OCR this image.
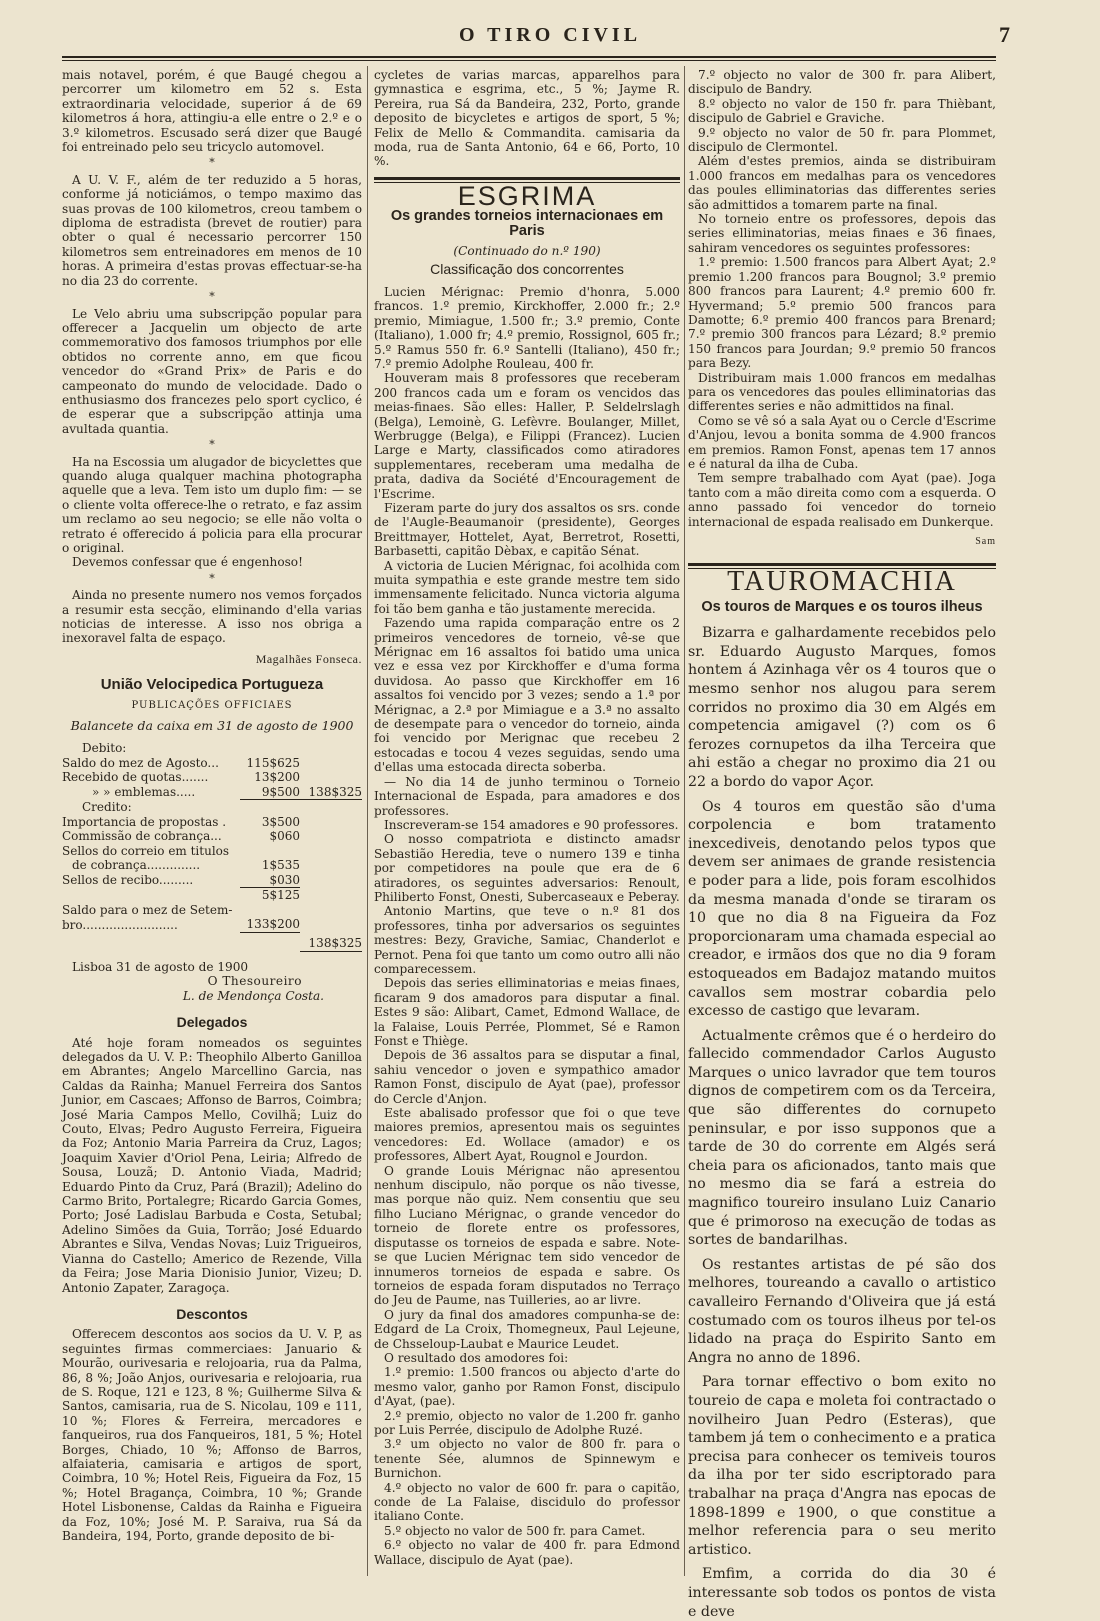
O TIRO CIVIL	7

mais notavel, porém, é que Baugé chegou a percorrer um kilometro em 52 s. Esta extraordinaria velocidade, superior á de 69 kilometros á hora, attingiu-a elle entre o 2.º e o 3.º kilometros. Escusado será dizer que Baugé foi entreinado pelo seu tricyclo automovel.

*

A U. V. F., além de ter reduzido a 5 horas, conforme já noticiámos, o tempo maximo das suas provas de 100 kilometros, creou tambem o diploma de estradista (brevet de routier) para obter o qual é necessario percorrer 150 kilometros sem entreinadores em menos de 10 horas. A primeira d'estas provas effectuar-se-ha no dia 23 do corrente.

*

Le Velo abriu uma subscripção popular para offerecer a Jacquelin um objecto de arte commemorativo dos famosos triumphos por elle obtidos no corrente anno, em que ficou vencedor do «Grand Prix» de Paris e do campeonato do mundo de velocidade. Dado o enthusiasmo dos francezes pelo sport cyclico, é de esperar que a subscripção attinja uma avultada quantia.

*

Ha na Escossia um alugador de bicyclettes que quando aluga qualquer machina photographa aquelle que a leva. Tem isto um duplo fim: — se o cliente volta offerece-lhe o retrato, e faz assim um reclamo ao seu negocio; se elle não volta o retrato é offerecido á policia para ella procurar o original.

Devemos confessar que é engenhoso!

*

Ainda no presente numero nos vemos forçados a resumir esta secção, eliminando d'ella varias noticias de interesse. A isso nos obriga a inexoravel falta de espaço.

Magalhães Fonseca.
União Velocipedica Portugueza
PUBLICAÇÕES OFFICIAES
Balancete da caixa em 31 de agosto de 1900
Debito:		
Saldo do mez de Agosto...	115$625	
Recebido de quotas.......	13$200	
» » emblemas.....	9$500	138$325
Credito:		
Importancia de propostas .	3$500	
Commissão de cobrança...	$060	
Sellos do correio em titulos		
de cobrança..............	1$535	
Sellos de recibo.........	$030	
	5$125	
Saldo para o mez de Setem-		
bro.........................	133$200	
		138$325

Lisboa 31 de agosto de 1900

O Thesoureiro
L. de Mendonça Costa.
Delegados

Até hoje foram nomeados os seguintes delegados da U. V. P.: Theophilo Alberto Ganilloa em Abrantes; Angelo Marcellino Garcia, nas Caldas da Rainha; Manuel Ferreira dos Santos Junior, em Cascaes; Affonso de Barros, Coimbra; José Maria Campos Mello, Covilhã; Luiz do Couto, Elvas; Pedro Augusto Ferreira, Figueira da Foz; Antonio Maria Parreira da Cruz, Lagos; Joaquim Xavier d'Oriol Pena, Leiria; Alfredo de Sousa, Louzã; D. Antonio Viada, Madrid; Eduardo Pinto da Cruz, Pará (Brazil); Adelino do Carmo Brito, Portalegre; Ricardo Garcia Gomes, Porto; José Ladislau Barbuda e Costa, Setubal; Adelino Simões da Guia, Torrão; José Eduardo Abrantes e Silva, Vendas Novas; Luiz Trigueiros, Vianna do Castello; Americo de Rezende, Villa da Feira; Jose Maria Dionisio Junior, Vizeu; D. Antonio Zapater, Zaragoça.

Descontos

Offerecem descontos aos socios da U. V. P, as seguintes firmas commerciaes: Januario & Mourão, ourivesaria e relojoaria, rua da Palma, 86, 8 %; João Anjos, ourivesaria e relojoaria, rua de S. Roque, 121 e 123, 8 %; Guilherme Silva & Santos, camisaria, rua de S. Nicolau, 109 e 111, 10 %; Flores & Ferreira, mercadores e fanqueiros, rua dos Fanqueiros, 181, 5 %; Hotel Borges, Chiado, 10 %; Affonso de Barros, alfaiateria, camisaria e artigos de sport, Coimbra, 10 %; Hotel Reis, Figueira da Foz, 15 %; Hotel Bragança, Coimbra, 10 %; Grande Hotel Lisbonense, Caldas da Rainha e Figueira da Foz, 10%; José M. P. Saraiva, rua Sá da Bandeira, 194, Porto, grande deposito de bi-

cycletes de varias marcas, apparelhos para gymnastica e esgrima, etc., 5 %; Jayme R. Pereira, rua Sá da Bandeira, 232, Porto, grande deposito de bicycletes e artigos de sport, 5 %; Felix de Mello & Commandita. camisaria da moda, rua de Santa Antonio, 64 e 66, Porto, 10 %.

ESGRIMA
Os grandes torneios internacionaes em Paris
(Continuado do n.º 190)
Classificação dos concorrentes

Lucien Mérignac: Premio d'honra, 5.000 francos. 1.º premio, Kirckhoffer, 2.000 fr.; 2.º premio, Mimiague, 1.500 fr.; 3.º premio, Conte (Italiano), 1.000 fr; 4.º premio, Rossignol, 605 fr.; 5.º Ramus 550 fr. 6.º Santelli (Italiano), 450 fr.; 7.º premio Adolphe Rouleau, 400 fr.

Houveram mais 8 professores que receberam 200 francos cada um e foram os vencidos das meias-finaes. São elles: Haller, P. Seldelrslagh (Belga), Lemoinè, G. Lefèvre. Boulanger, Millet, Werbrugge (Belga), e Filippi (Francez). Lucien Large e Marty, classificados como atiradores supplementares, receberam uma medalha de prata, dadiva da Société d'Encouragement de l'Escrime.

Fizeram parte do jury dos assaltos os srs. conde de l'Augle-Beaumanoir (presidente), Georges Breittmayer, Hottelet, Ayat, Berretrot, Rosetti, Barbasetti, capitão Dèbax, e capitão Sénat.

A victoria de Lucien Mérignac, foi acolhida com muita sympathia e este grande mestre tem sido immensamente felicitado. Nunca victoria alguma foi tão bem ganha e tão justamente merecida.

Fazendo uma rapida comparação entre os 2 primeiros vencedores de torneio, vê-se que Mérignac em 16 assaltos foi batido uma unica vez e essa vez por Kirckhoffer e d'uma forma duvidosa. Ao passo que Kirckhoffer em 16 assaltos foi vencido por 3 vezes; sendo a 1.ª por Mérignac, a 2.ª por Mimiague e a 3.ª no assalto de desempate para o vencedor do torneio, ainda foi vencido por Merignac que recebeu 2 estocadas e tocou 4 vezes seguidas, sendo uma d'ellas uma estocada directa soberba.

— No dia 14 de junho terminou o Torneio Internacional de Espada, para amadores e dos professores.

Inscreveram-se 154 amadores e 90 professores.

O nosso compatriota e distincto amadsr Sebastião Heredia, teve o numero 139 e tinha por competidores na poule que era de 6 atiradores, os seguintes adversarios: Renoult, Philiberto Fonst, Onesti, Subercaseaux e Peberay.

Antonio Martins, que teve o n.º 81 dos professores, tinha por adversarios os seguintes mestres: Bezy, Graviche, Samiac, Chanderlot e Pernot. Pena foi que tanto um como outro alli não comparecessem.

Depois das series elliminatorias e meias finaes, ficaram 9 dos amadoros para disputar a final. Estes 9 são: Alibart, Camet, Edmond Wallace, de la Falaise, Louis Perrée, Plommet, Sé e Ramon Fonst e Thiège.

Depois de 36 assaltos para se disputar a final, sahiu vencedor o joven e sympathico amador Ramon Fonst, discipulo de Ayat (pae), professor do Cercle d'Anjon.

Este abalisado professor que foi o que teve maiores premios, apresentou mais os seguintes vencedores: Ed. Wollace (amador) e os professores, Albert Ayat, Rougnol e Jourdon.

O grande Louis Mérignac não apresentou nenhum discipulo, não porque os não tivesse, mas porque não quiz. Nem consentiu que seu filho Luciano Mérignac, o grande vencedor do torneio de florete entre os professores, disputasse os torneios de espada e sabre. Note-se que Lucien Mérignac tem sido vencedor de innumeros torneios de espada e sabre. Os torneios de espada foram disputados no Terraço do Jeu de Paume, nas Tuilleries, ao ar livre.

O jury da final dos amadores compunha-se de: Edgard de La Croix, Thomegneux, Paul Lejeune, de Chsseloup-Laubat e Maurice Leudet.

O resultado dos amodores foi:

1.º premio: 1.500 francos ou abjecto d'arte do mesmo valor, ganho por Ramon Fonst, discipulo d'Ayat, (pae).

2.º premio, objecto no valor de 1.200 fr. ganho por Luis Perrée, discipulo de Adolphe Ruzé.

3.º um objecto no valor de 800 fr. para o tenente Sée, alumnos de Spinnewym e Burnichon.

4.º objecto no valor de 600 fr. para o capitão, conde de La Falaise, discidulo do professor italiano Conte.

5.º objecto no valor de 500 fr. para Camet.

6.º objecto no valar de 400 fr. para Edmond Wallace, discipulo de Ayat (pae).

7.º objecto no valor de 300 fr. para Alibert, discipulo de Bandry.

8.º objecto no valor de 150 fr. para Thièbant, discipulo de Gabriel e Graviche.

9.º objecto no valor de 50 fr. para Plommet, discipulo de Clermontel.

Além d'estes premios, ainda se distribuiram 1.000 francos em medalhas para os vencedores das poules elliminatorias das differentes series são admittidos a tomarem parte na final.

No torneio entre os professores, depois das series elliminatorias, meias finaes e 36 finaes, sahiram vencedores os seguintes professores:

1.º premio: 1.500 francos para Albert Ayat; 2.º premio 1.200 francos para Bougnol; 3.º premio 800 francos para Laurent; 4.º premio 600 fr. Hyvermand; 5.º premio 500 francos para Damotte; 6.º premio 400 francos para Brenard; 7.º premio 300 francos para Lézard; 8.º premio 150 francos para Jourdan; 9.º premio 50 francos para Bezy.

Distribuiram mais 1.000 francos em medalhas para os vencedores das poules elliminatorias das differentes series e não admittidos na final.

Como se vê só a sala Ayat ou o Cercle d'Escrime d'Anjou, levou a bonita somma de 4.900 francos em premios. Ramon Fonst, apenas tem 17 annos e é natural da ilha de Cuba.

Tem sempre trabalhado com Ayat (pae). Joga tanto com a mão direita como com a esquerda. O anno passado foi vencedor do torneio internacional de espada realisado em Dunkerque.

Sam
TAUROMACHIA
Os touros de Marques e os touros ilheus

Bizarra e galhardamente recebidos pelo sr. Eduardo Augusto Marques, fomos hontem á Azinhaga vêr os 4 touros que o mesmo senhor nos alugou para serem corridos no proximo dia 30 em Algés em competencia amigavel (?) com os 6 ferozes cornupetos da ilha Terceira que ahi estão a chegar no proximo dia 21 ou 22 a bordo do vapor Açor.

Os 4 touros em questão são d'uma corpolencia e bom tratamento inexcediveis, denotando pelos typos que devem ser animaes de grande resistencia e poder para a lide, pois foram escolhidos da mesma manada d'onde se tiraram os 10 que no dia 8 na Figueira da Foz proporcionaram uma chamada especial ao creador, e irmãos dos que no dia 9 foram estoqueados em Badajoz matando muitos cavallos sem mostrar cobardia pelo excesso de castigo que levaram.

Actualmente crêmos que é o herdeiro do fallecido commendador Carlos Augusto Marques o unico lavrador que tem touros dignos de competirem com os da Terceira, que são differentes do cornupeto peninsular, e por isso supponos que a tarde de 30 do corrente em Algés será cheia para os aficionados, tanto mais que no mesmo dia se fará a estreia do magnifico toureiro insulano Luiz Canario que é primoroso na execução de todas as sortes de bandarilhas.

Os restantes artistas de pé são dos melhores, toureando a cavallo o artistico cavalleiro Fernando d'Oliveira que já está costumado com os touros ilheus por tel-os lidado na praça do Espirito Santo em Angra no anno de 1896.

Para tornar effectivo o bom exito no toureio de capa e moleta foi contractado o novilheiro Juan Pedro (Esteras), que tambem já tem o conhecimento e a pratica precisa para conhecer os temiveis touros da ilha por ter sido escriptorado para trabalhar na praça d'Angra nas epocas de 1898-1899 e 1900, o que constitue a melhor referencia para o seu merito artistico.

Emfim, a corrida do dia 30 é interessante sob todos os pontos de vista e deve
